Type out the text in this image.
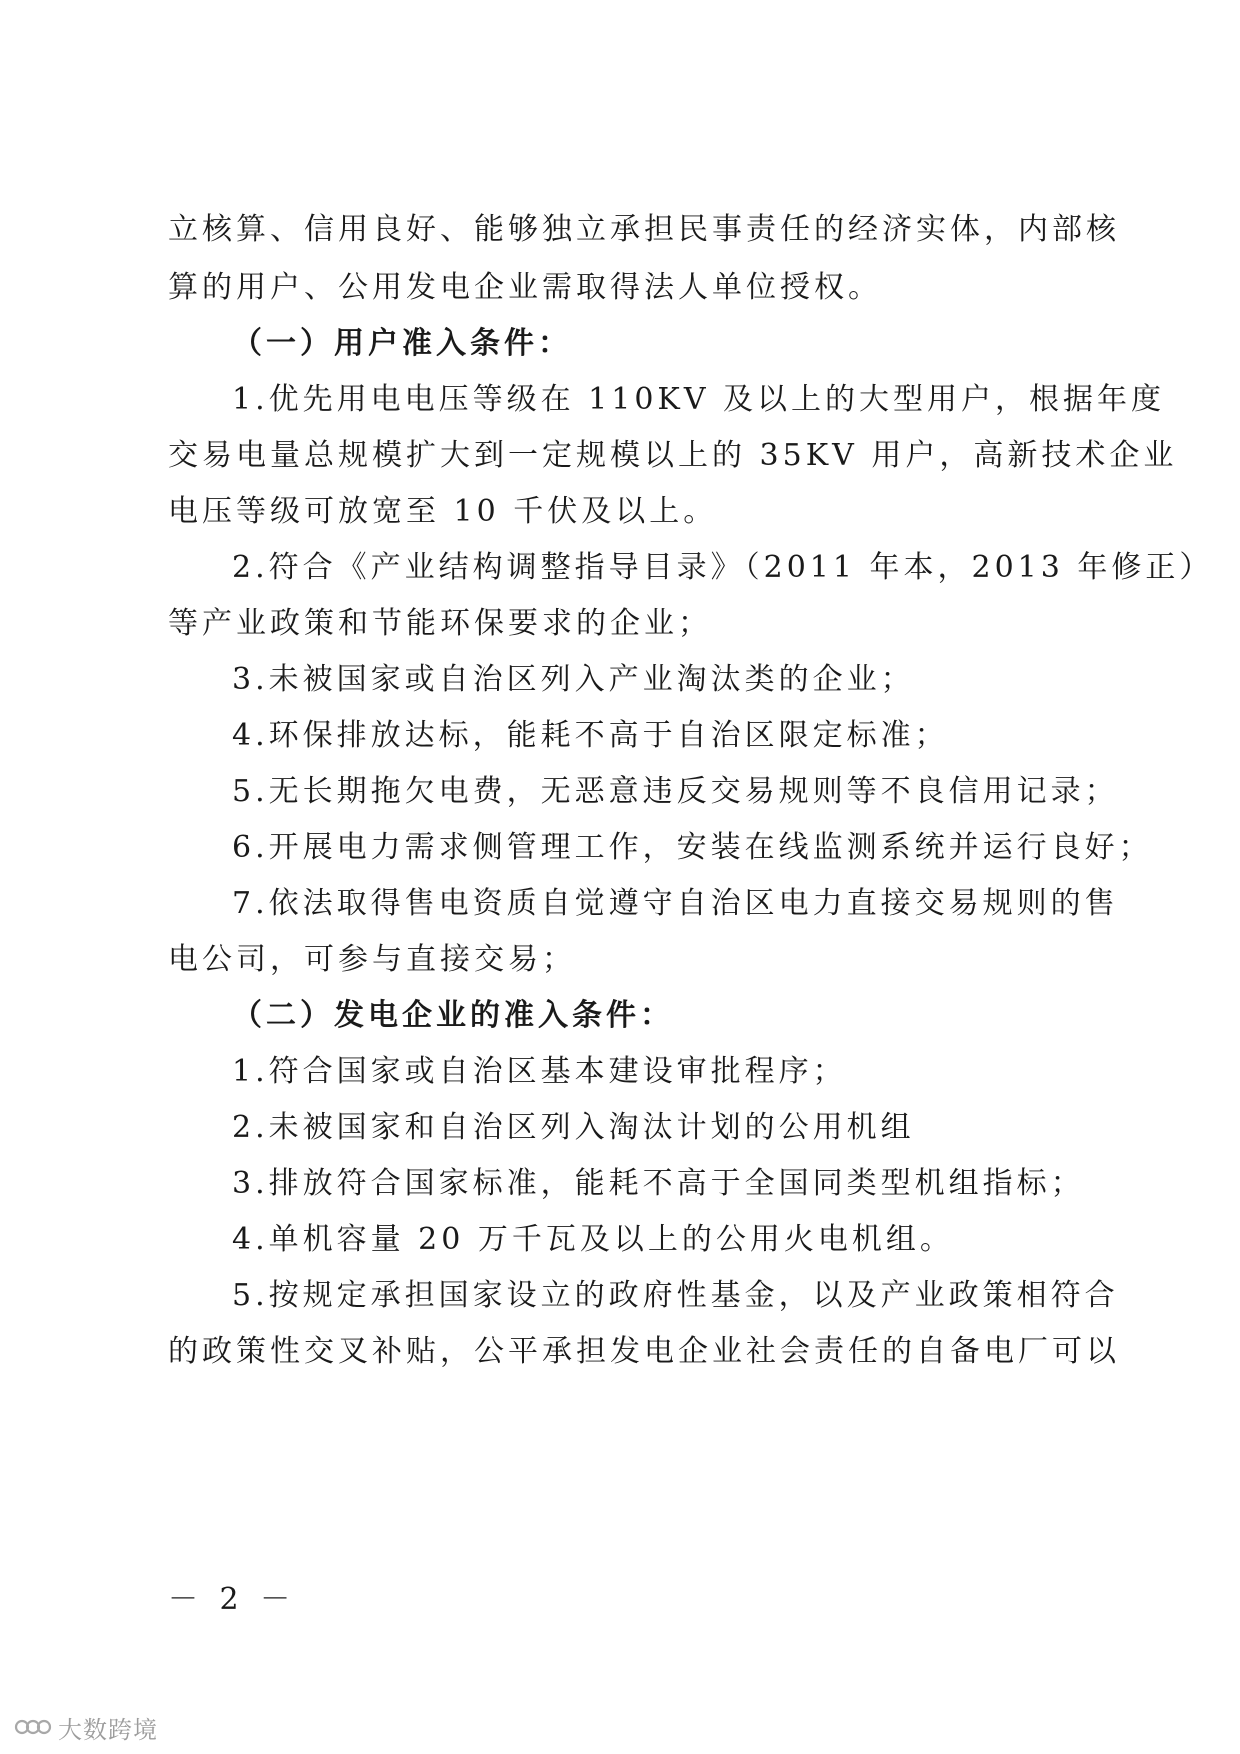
立核算、信用良好、能够独立承担民事责任的经济实体，内部核
算的用户、公用发电企业需取得法人单位授权。
（一）用户准入条件：
1.优先用电电压等级在 110KV 及以上的大型用户，根据年度
交易电量总规模扩大到一定规模以上的 35KV 用户，高新技术企业
电压等级可放宽至 10 千伏及以上。
2.符合《产业结构调整指导目录》（2011 年本，2013 年修正）
等产业政策和节能环保要求的企业；
3.未被国家或自治区列入产业淘汰类的企业；
4.环保排放达标，能耗不高于自治区限定标准；
5.无长期拖欠电费，无恶意违反交易规则等不良信用记录；
6.开展电力需求侧管理工作，安装在线监测系统并运行良好；
7.依法取得售电资质自觉遵守自治区电力直接交易规则的售
电公司，可参与直接交易；
（二）发电企业的准入条件：
1.符合国家或自治区基本建设审批程序；
2.未被国家和自治区列入淘汰计划的公用机组
3.排放符合国家标准，能耗不高于全国同类型机组指标；
4.单机容量 20 万千瓦及以上的公用火电机组。
5.按规定承担国家设立的政府性基金，以及产业政策相符合
的政策性交叉补贴，公平承担发电企业社会责任的自备电厂可以
－ 2 －
大数跨境
